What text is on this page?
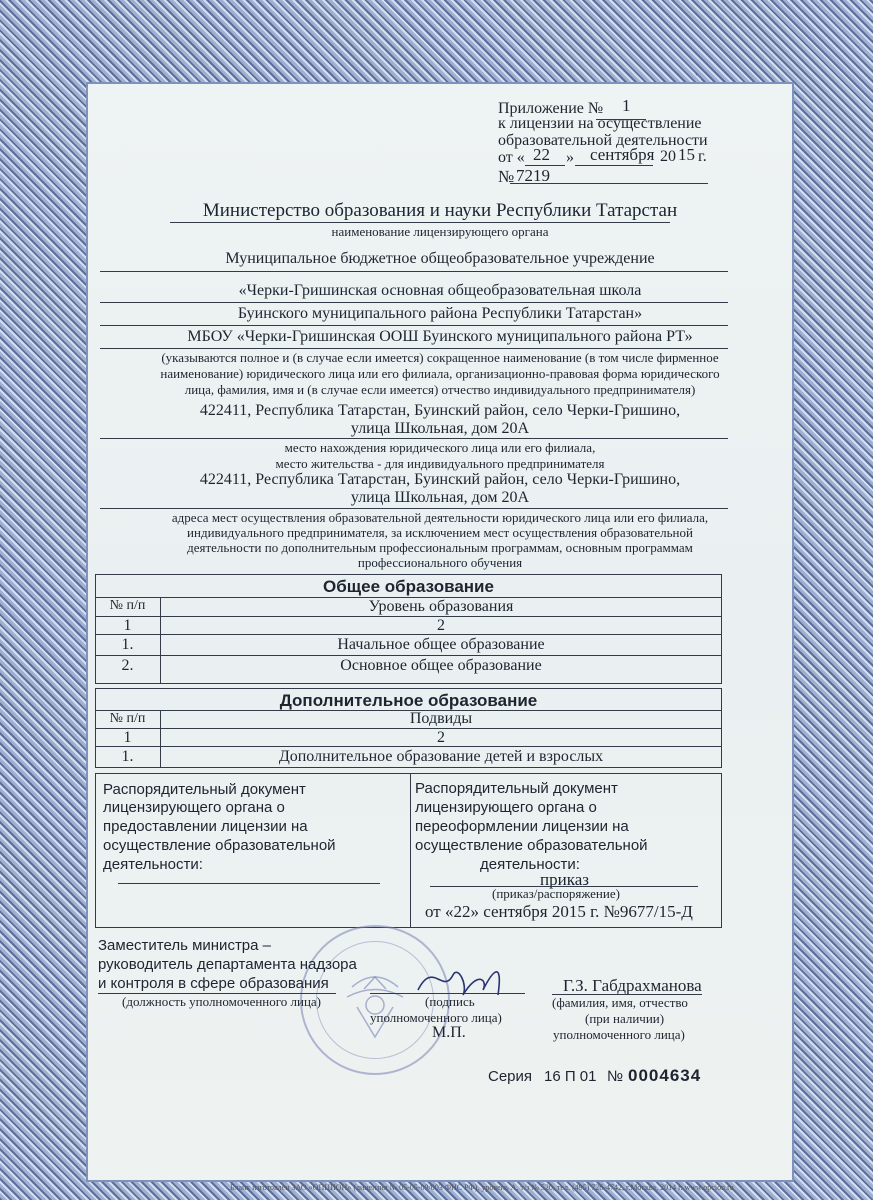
Приложение № 1
к лицензии на осуществление
образовательной деятельности
от « 22 » сентября 20 15 г.
№ 7219
Министерство образования и науки Республики Татарстан
наименование лицензирующего органа
Муниципальное бюджетное общеобразовательное учреждение
«Черки-Гришинская основная общеобразовательная школа
Буинского муниципального района Республики Татарстан»
МБОУ «Черки-Гришинская ООШ Буинского муниципального района РТ»
(указываются полное и (в случае если имеется) сокращенное наименование (в том числе фирменное
наименование) юридического лица или его филиала, организационно-правовая форма юридического
лица, фамилия, имя и (в случае если имеется) отчество индивидуального предпринимателя)
422411, Республика Татарстан, Буинский район, село Черки-Гришино,
улица Школьная, дом 20А
место нахождения юридического лица или его филиала,
место жительства - для индивидуального предпринимателя
422411, Республика Татарстан, Буинский район, село Черки-Гришино,
улица Школьная, дом 20А
адреса мест осуществления образовательной деятельности юридического лица или его филиала,
индивидуального предпринимателя, за исключением мест осуществления образовательной
деятельности по дополнительным профессиональным программам, основным программам
профессионального обучения
Общее образование
№ п/п	Уровень образования
1	2
1.	Начальное общее образование
2.	Основное общее образование
Дополнительное образование
№ п/п	Подвиды
1	2
1.	Дополнительное образование детей и взрослых
Распорядительный документ
лицензирующего органа о
предоставлении лицензии на
осуществление образовательной
деятельности:
Распорядительный документ
лицензирующего органа о
переоформлении лицензии на
осуществление образовательной
деятельности:
приказ
(приказ/распоряжение)
от «22» сентября 2015 г. №9677/15-Д
Заместитель министра –
руководитель департамента надзора
и контроля в сфере образования
(должность уполномоченного лица)	(подпись
уполномоченного лица)
М.П.
Г.З. Габдрахманова
(фамилия, имя, отчество
(при наличии)
уполномоченного лица)
Серия 16 П 01 № 0004634
Бланк изготовлен ЗАО «ОПЦИОН» (лицензия № 05-05-09/003 ФНС РФ), уровень А, т/з № 520, тел. (495) 726-4742, г.Москва, 2014 г. www.opcion.ru
